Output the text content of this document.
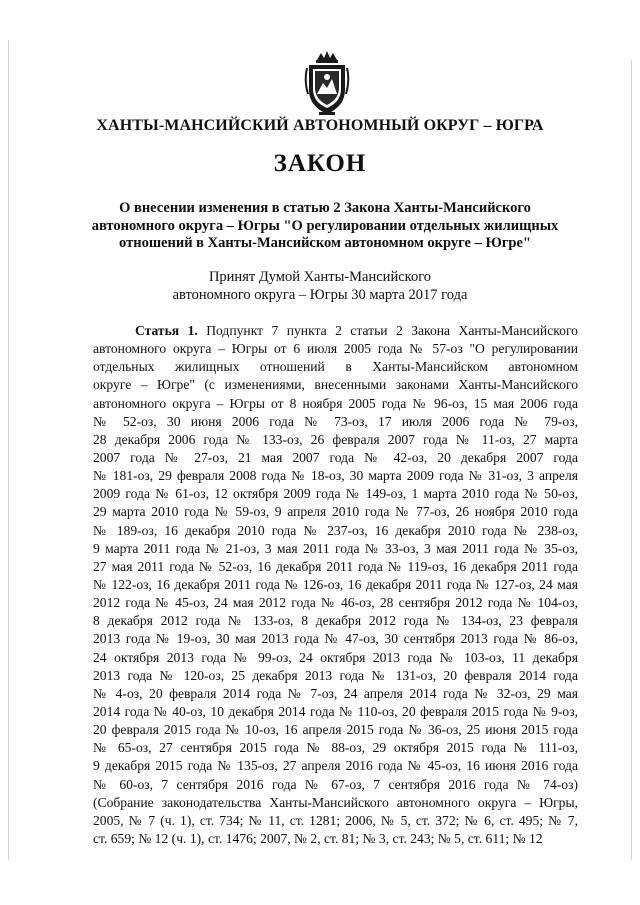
ХАНТЫ-МАНСИЙСКИЙ АВТОНОМНЫЙ ОКРУГ – ЮГРА
ЗАКОН
О внесении изменения в статью 2 Закона Ханты-Мансийского
автономного округа – Югры "О регулировании отдельных жилищных
отношений в Ханты-Мансийском автономном округе – Югре"
Принят Думой Ханты-Мансийского
автономного округа – Югры 30 марта 2017 года
Статья 1. Подпункт 7 пункта 2 статьи 2 Закона Ханты-Мансийского
автономного округа – Югры от 6 июля 2005 года № 57-оз "О регулировании
отдельных жилищных отношений в Ханты-Мансийском автономном
округе – Югре" (с изменениями, внесенными законами Ханты-Мансийского
автономного округа – Югры от 8 ноября 2005 года № 96-оз, 15 мая 2006 года
№ 52-оз, 30 июня 2006 года № 73-оз, 17 июля 2006 года № 79-оз,
28 декабря 2006 года № 133-оз, 26 февраля 2007 года № 11-оз, 27 марта
2007 года № 27-оз, 21 мая 2007 года № 42-оз, 20 декабря 2007 года
№ 181-оз, 29 февраля 2008 года № 18-оз, 30 марта 2009 года № 31-оз, 3 апреля
2009 года № 61-оз, 12 октября 2009 года № 149-оз, 1 марта 2010 года № 50-оз,
29 марта 2010 года № 59-оз, 9 апреля 2010 года № 77-оз, 26 ноября 2010 года
№ 189-оз, 16 декабря 2010 года № 237-оз, 16 декабря 2010 года № 238-оз,
9 марта 2011 года № 21-оз, 3 мая 2011 года № 33-оз, 3 мая 2011 года № 35-оз,
27 мая 2011 года № 52-оз, 16 декабря 2011 года № 119-оз, 16 декабря 2011 года
№ 122-оз, 16 декабря 2011 года № 126-оз, 16 декабря 2011 года № 127-оз, 24 мая
2012 года № 45-оз, 24 мая 2012 года № 46-оз, 28 сентября 2012 года № 104-оз,
8 декабря 2012 года № 133-оз, 8 декабря 2012 года № 134-оз, 23 февраля
2013 года № 19-оз, 30 мая 2013 года № 47-оз, 30 сентября 2013 года № 86-оз,
24 октября 2013 года № 99-оз, 24 октября 2013 года № 103-оз, 11 декабря
2013 года № 120-оз, 25 декабря 2013 года № 131-оз, 20 февраля 2014 года
№ 4-оз, 20 февраля 2014 года № 7-оз, 24 апреля 2014 года № 32-оз, 29 мая
2014 года № 40-оз, 10 декабря 2014 года № 110-оз, 20 февраля 2015 года № 9-оз,
20 февраля 2015 года № 10-оз, 16 апреля 2015 года № 36-оз, 25 июня 2015 года
№ 65-оз, 27 сентября 2015 года № 88-оз, 29 октября 2015 года № 111-оз,
9 декабря 2015 года № 135-оз, 27 апреля 2016 года № 45-оз, 16 июня 2016 года
№ 60-оз, 7 сентября 2016 года № 67-оз, 7 сентября 2016 года № 74-оз)
(Собрание законодательства Ханты-Мансийского автономного округа – Югры,
2005, № 7 (ч. 1), ст. 734; № 11, ст. 1281; 2006, № 5, ст. 372; № 6, ст. 495; № 7,
ст. 659; № 12 (ч. 1), ст. 1476; 2007, № 2, ст. 81; № 3, ст. 243; № 5, ст. 611; № 12
